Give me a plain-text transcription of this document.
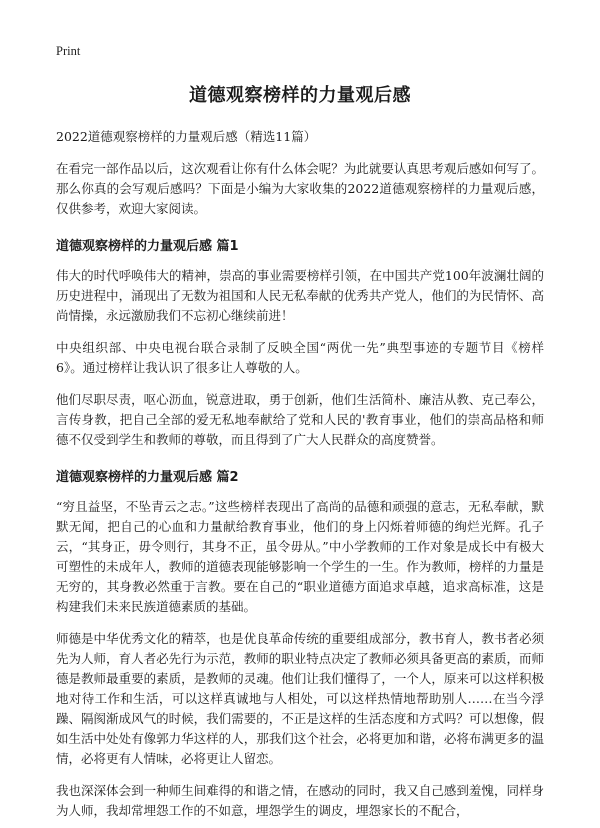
Print
道德观察榜样的力量观后感
2022道德观察榜样的力量观后感（精选11篇）

在看完一部作品以后，这次观看让你有什么体会呢？为此就要认真思考观后感如何写了。那么你真的会写观后感吗？下面是小编为大家收集的2022道德观察榜样的力量观后感，仅供参考，欢迎大家阅读。

道德观察榜样的力量观后感 篇1

伟大的时代呼唤伟大的精神，崇高的事业需要榜样引领，在中国共产党100年波澜壮阔的历史进程中，涌现出了无数为祖国和人民无私奉献的优秀共产党人，他们的为民情怀、高尚情操，永远激励我们不忘初心继续前进！

中央组织部、中央电视台联合录制了反映全国“两优一先”典型事迹的专题节目《榜样6》。通过榜样让我认识了很多让人尊敬的人。

他们尽职尽责，呕心沥血，锐意进取，勇于创新，他们生活简朴、廉洁从教、克己奉公，言传身教，把自己全部的爱无私地奉献给了党和人民的'教育事业，他们的崇高品格和师德不仅受到学生和教师的尊敬，而且得到了广大人民群众的高度赞誉。

道德观察榜样的力量观后感 篇2

“穷且益坚，不坠青云之志。”这些榜样表现出了高尚的品德和顽强的意志，无私奉献，默默无闻，把自己的心血和力量献给教育事业，他们的身上闪烁着师德的绚烂光辉。孔子云，“其身正，毋令则行，其身不正，虽令毋从。”中小学教师的工作对象是成长中有极大可塑性的未成年人，教师的道德表现能够影响一个学生的一生。作为教师，榜样的力量是无穷的，其身教必然重于言教。要在自己的“职业道德方面追求卓越，追求高标准，这是构建我们未来民族道德素质的基础。

师德是中华优秀文化的精萃，也是优良革命传统的重要组成部分，教书育人，教书者必须先为人师，育人者必先行为示范，教师的职业特点决定了教师必须具备更高的素质，而师德是教师最重要的素质，是教师的灵魂。他们让我们懂得了，一个人，原来可以这样积极地对待工作和生活，可以这样真诚地与人相处，可以这样热情地帮助别人……在当今浮躁、隔阂渐成风气的时候，我们需要的，不正是这样的生活态度和方式吗？可以想像，假如生活中处处有像郭力华这样的人，那我们这个社会，必将更加和谐，必将布满更多的温情，必将更有人情味，必将更让人留恋。

我也深深体会到一种师生间难得的和谐之情，在感动的同时，我又自己感到羞愧，同样身为人师，我却常埋怨工作的不如意，埋怨学生的调皮，埋怨家长的不配合，
